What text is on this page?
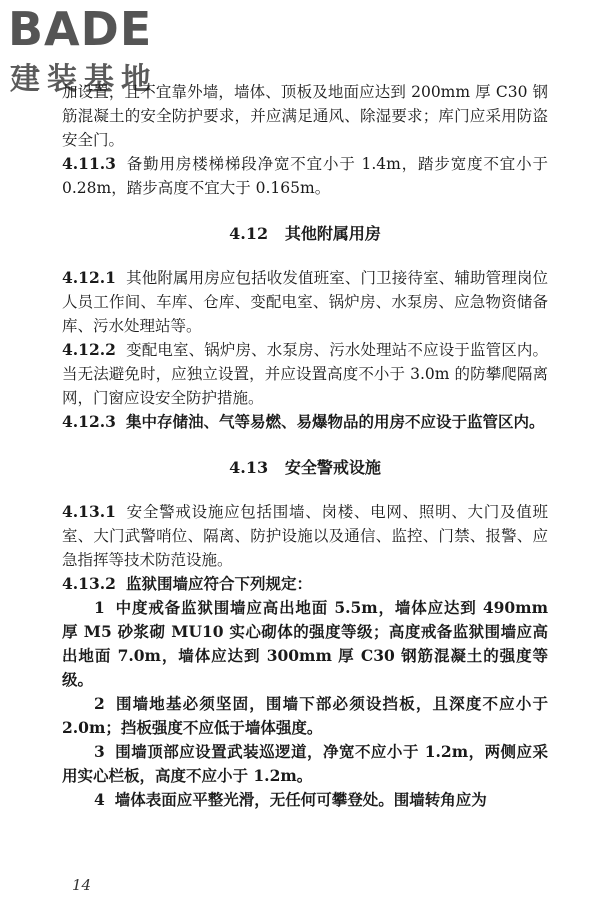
BADE
建装基地

加设置，且不宜靠外墙，墙体、顶板及地面应达到 200mm 厚 C30 钢筋混凝土的安全防护要求，并应满足通风、除湿要求；库门应采用防盗安全门。

4.11.3 备勤用房楼梯梯段净宽不宜小于 1.4m，踏步宽度不宜小于 0.28m，踏步高度不宜大于 0.165m。

4.12 其他附属用房

4.12.1 其他附属用房应包括收发值班室、门卫接待室、辅助管理岗位人员工作间、车库、仓库、变配电室、锅炉房、水泵房、应急物资储备库、污水处理站等。

4.12.2 变配电室、锅炉房、水泵房、污水处理站不应设于监管区内。当无法避免时，应独立设置，并应设置高度不小于 3.0m 的防攀爬隔离网，门窗应设安全防护措施。

4.12.3 集中存储油、气等易燃、易爆物品的用房不应设于监管区内。

4.13 安全警戒设施

4.13.1 安全警戒设施应包括围墙、岗楼、电网、照明、大门及值班室、大门武警哨位、隔离、防护设施以及通信、监控、门禁、报警、应急指挥等技术防范设施。

4.13.2 监狱围墙应符合下列规定：

1 中度戒备监狱围墙应高出地面 5.5m，墙体应达到 490mm 厚 M5 砂浆砌 MU10 实心砌体的强度等级；高度戒备监狱围墙应高出地面 7.0m，墙体应达到 300mm 厚 C30 钢筋混凝土的强度等级。

2 围墙地基必须坚固，围墙下部必须设挡板，且深度不应小于 2.0m；挡板强度不应低于墙体强度。

3 围墙顶部应设置武装巡逻道，净宽不应小于 1.2m，两侧应采用实心栏板，高度不应小于 1.2m。

4 墙体表面应平整光滑，无任何可攀登处。围墙转角应为

14
